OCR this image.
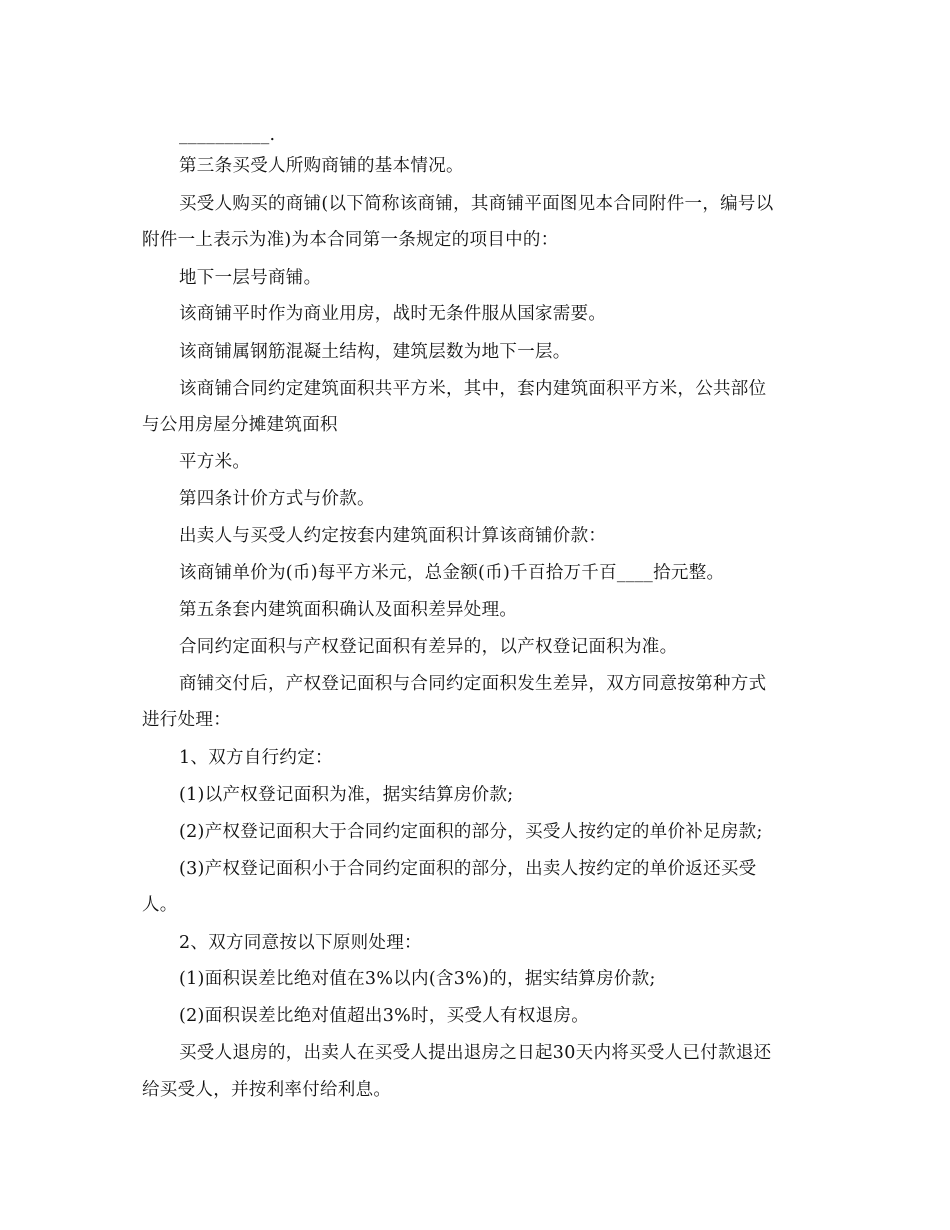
__________.
第三条买受人所购商铺的基本情况。
买受人购买的商铺(以下简称该商铺，其商铺平面图见本合同附件一，编号以
附件一上表示为准)为本合同第一条规定的项目中的：
地下一层号商铺。
该商铺平时作为商业用房，战时无条件服从国家需要。
该商铺属钢筋混凝土结构，建筑层数为地下一层。
该商铺合同约定建筑面积共平方米，其中，套内建筑面积平方米，公共部位
与公用房屋分摊建筑面积
平方米。
第四条计价方式与价款。
出卖人与买受人约定按套内建筑面积计算该商铺价款：
该商铺单价为(币)每平方米元，总金额(币)千百拾万千百____拾元整。
第五条套内建筑面积确认及面积差异处理。
合同约定面积与产权登记面积有差异的，以产权登记面积为准。
商铺交付后，产权登记面积与合同约定面积发生差异，双方同意按第种方式
进行处理：
1、双方自行约定：
(1)以产权登记面积为准，据实结算房价款;
(2)产权登记面积大于合同约定面积的部分，买受人按约定的单价补足房款;
(3)产权登记面积小于合同约定面积的部分，出卖人按约定的单价返还买受
人。
2、双方同意按以下原则处理：
(1)面积误差比绝对值在3%以内(含3%)的，据实结算房价款;
(2)面积误差比绝对值超出3%时，买受人有权退房。
买受人退房的，出卖人在买受人提出退房之日起30天内将买受人已付款退还
给买受人，并按利率付给利息。
